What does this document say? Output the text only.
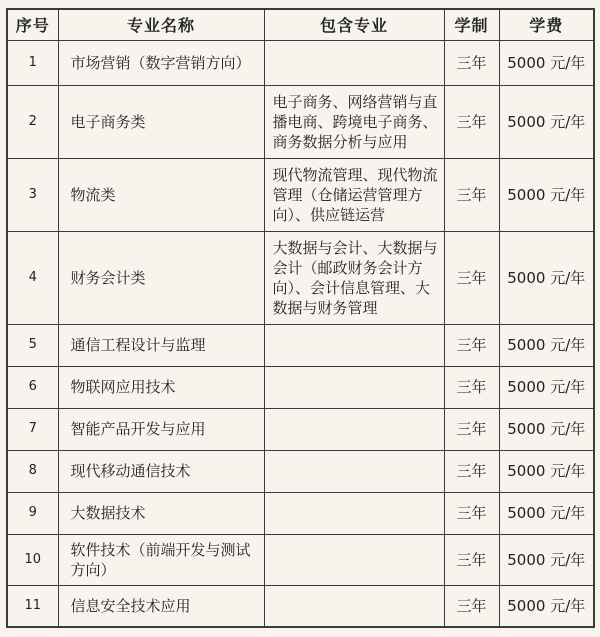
序号	专业名称	包含专业	学制	学费
1	市场营销（数字营销方向）		三年	5000 元/年
2	电子商务类	电子商务、网络营销与直播电商、跨境电子商务、商务数据分析与应用	三年	5000 元/年
3	物流类	现代物流管理、现代物流管理（仓储运营管理方向）、供应链运营	三年	5000 元/年
4	财务会计类	大数据与会计、大数据与会计（邮政财务会计方向）、会计信息管理、大数据与财务管理	三年	5000 元/年
5	通信工程设计与监理		三年	5000 元/年
6	物联网应用技术		三年	5000 元/年
7	智能产品开发与应用		三年	5000 元/年
8	现代移动通信技术		三年	5000 元/年
9	大数据技术		三年	5000 元/年
10	软件技术（前端开发与测试方向）		三年	5000 元/年
11	信息安全技术应用		三年	5000 元/年
